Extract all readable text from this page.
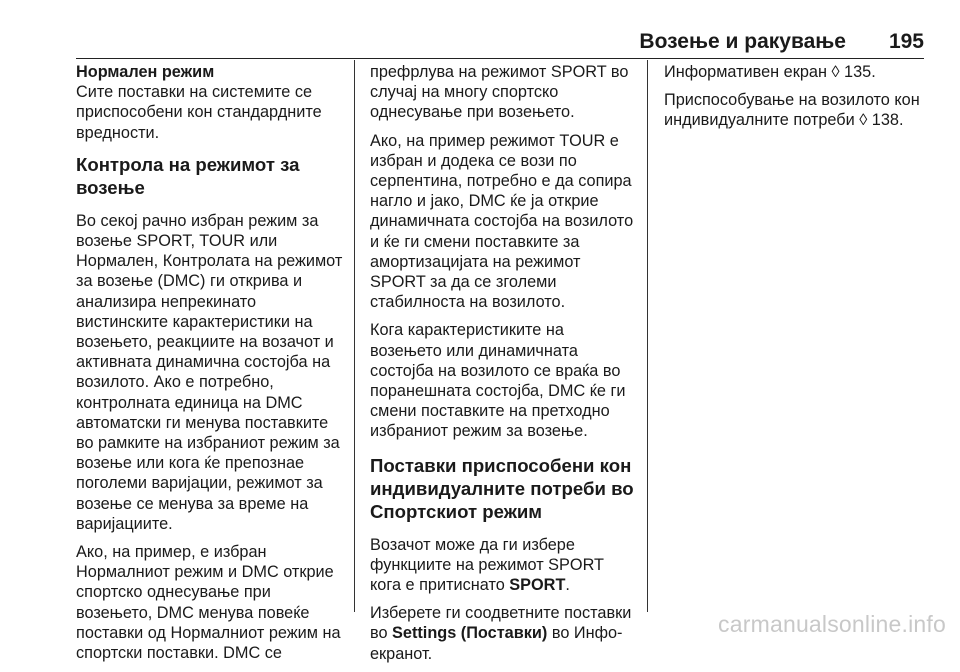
Возење и ракување 195

Нормален режим

Сите поставки на системите се приспособени кон стандардните вредности.

Контрола на режимот за возење

Во секој рачно избран режим за возење SPORT, TOUR или Нормален, Контролата на режимот за возење (DMC) ги открива и анализира непрекинато вистинските карактеристики на возењето, реакциите на возачот и активната динамична состојба на возилото. Ако е потребно, контролната единица на DMC автоматски ги менува поставките во рамките на избраниот режим за возење или кога ќе препознае поголеми варијации, режимот за возење се менува за време на варијациите.

Ако, на пример, е избран Нормалниот режим и DMC открие спортско однесување при возењето, DMC менува повеќе поставки од Нормалниот режим на спортски поставки. DMC се

префрлува на режимот SPORT во случај на многу спортско однесување при возењето.

Ако, на пример режимот TOUR е избран и додека се вози по серпентина, потребно е да сопира нагло и јако, DMC ќе ја открие динамичната состојба на возилото и ќе ги смени поставките за амортизацијата на режимот SPORT за да се зголеми стабилноста на возилото.

Кога карактеристиките на возењето или динамичната состојба на возилото се враќа во поранешната состојба, DMC ќе ги смени поставките на претходно избраниот режим за возење.

Поставки приспособени кон индивидуалните потреби во Спортскиот режим

Возачот може да ги избере функциите на режимот SPORT кога е притиснато SPORT.

Изберете ги соодветните поставки во Settings (Поставки) во Инфо-екранот.

Информативен екран ◊ 135.

Приспособување на возилото кон индивидуалните потреби ◊ 138.

carmanualsonline.info
